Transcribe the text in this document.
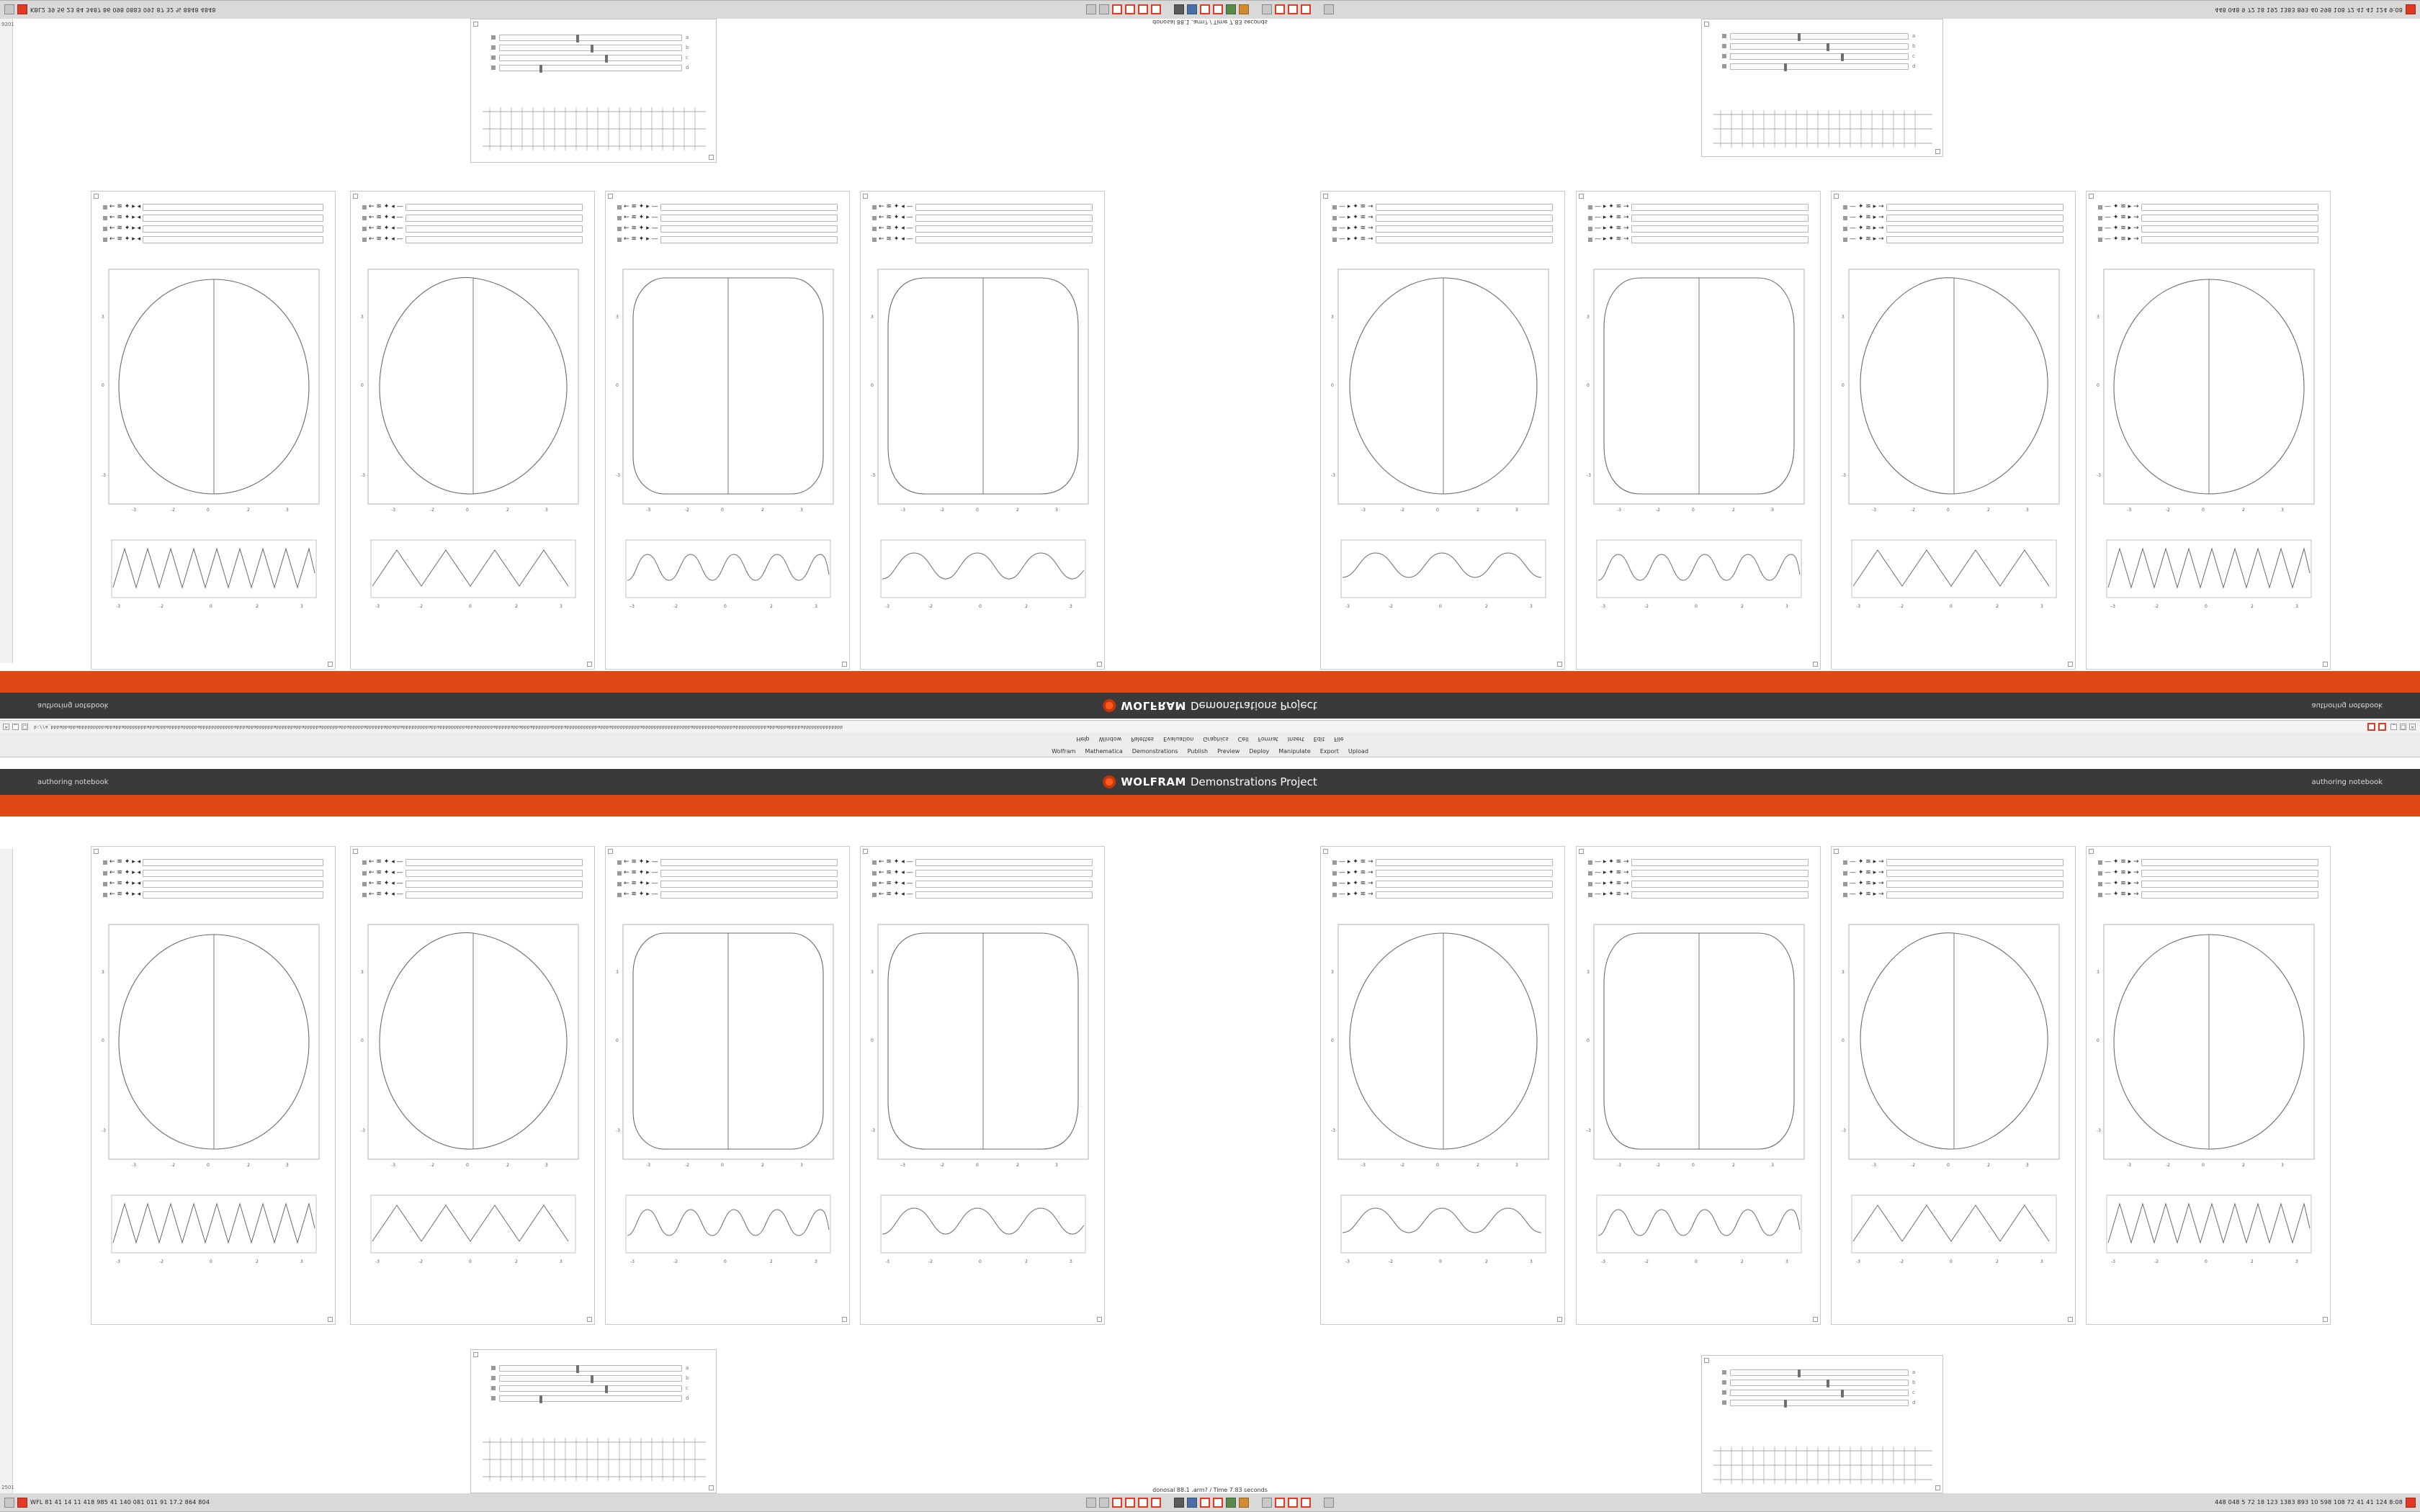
KBL2 39 56 23 84 3487 86 098 0883 091 87 32 % 8848 4848	448 048 9 72 18 192 1383 893 40 598 108 72 41 41 124 9:08
donosal 88.1 .arm? / Time 7.83 seconds
9201
2501
a
b
c
d
a
b
c
d
← ≋ ✦ ▸ ◂
← ≋ ✦ ▸ ◂
← ≋ ✦ ▸ ◂
← ≋ ✦ ▸ ◂
-3	-2	0	2	3
3
0
-3
-3	-2	0	2	3
← ≋ ✦ ◂ —
← ≋ ✦ ◂ —
← ≋ ✦ ◂ —
← ≋ ✦ ◂ —
-3	-2	0	2	3
3
0
-3
-3	-2	0	2	3
← ≋ ✦ ▸ —
← ≋ ✦ ▸ —
← ≋ ✦ ▸ —
← ≋ ✦ ▸ —
-3	-2	0	2	3
3
0
-3
-3	-2	0	2	3
← ≋ ✦ ◂ —
← ≋ ✦ ◂ —
← ≋ ✦ ◂ —
← ≋ ✦ ◂ —
-3	-2	0	2	3
3
0
-3
-3	-2	0	2	3
— ▸ ✦ ≋ →
— ▸ ✦ ≋ →
— ▸ ✦ ≋ →
— ▸ ✦ ≋ →
-3	-2	0	2	3
3
0
-3
-3	-2	0	2	3
— ▸ ✦ ≋ →
— ▸ ✦ ≋ →
— ▸ ✦ ≋ →
— ▸ ✦ ≋ →
-3	-2	0	2	3
3
0
-3
-3	-2	0	2	3
— ✦ ≋ ▸ →
— ✦ ≋ ▸ →
— ✦ ≋ ▸ →
— ✦ ≋ ▸ →
-3	-2	0	2	3
3
0
-3
-3	-2	0	2	3
— ✦ ≋ ▸ →
— ✦ ≋ ▸ →
— ✦ ≋ ▸ →
— ✦ ≋ ▸ →
-3	-2	0	2	3
3
0
-3
-3	-2	0	2	3
authoring notebook	WOLFRAM Demonstrations Project	authoring notebook
×	_	□ b://a_bbbabbabbabbbbbbbbbabbabbabbbbbbbbabbabbbabbbbabbbbbabbbbbbbbbbbbabbbabbabbbbbbabbbbbbabbabbbbbabbbbbbabbabbbbbabbbbbbabbabbabbbbbbbbbabbabbbbbbbbbabbabbbbbbabbbbbabbabbbabbbbbbabbbbabbbbbbbbbbbabbbabbbbbbbbbbabbbbbbbbbbbbbbbbbabbbbbbbbabbbbbabbbbbbbbbbbabbabbbabbbbabbbbbbbbbbbbbb	_	□ ×
Help Window Palettes Evaluation Graphics Cell Format Insert Edit File
Wolfram Mathematica Demonstrations Publish Preview Deploy Manipulate Export Upload
authoring notebook	WOLFRAM Demonstrations Project	authoring notebook
← ≋ ✦ ▸ ◂
← ≋ ✦ ▸ ◂
← ≋ ✦ ▸ ◂
← ≋ ✦ ▸ ◂
-3	-2	0	2	3
3
0
-3
-3	-2	0	2	3
← ≋ ✦ ◂ —
← ≋ ✦ ◂ —
← ≋ ✦ ◂ —
← ≋ ✦ ◂ —
-3	-2	0	2	3
3
0
-3
-3	-2	0	2	3
← ≋ ✦ ▸ —
← ≋ ✦ ▸ —
← ≋ ✦ ▸ —
← ≋ ✦ ▸ —
-3	-2	0	2	3
3
0
-3
-3	-2	0	2	3
← ≋ ✦ ◂ —
← ≋ ✦ ◂ —
← ≋ ✦ ◂ —
← ≋ ✦ ◂ —
-3	-2	0	2	3
3
0
-3
-3	-2	0	2	3
— ▸ ✦ ≋ →
— ▸ ✦ ≋ →
— ▸ ✦ ≋ →
— ▸ ✦ ≋ →
-3	-2	0	2	3
3
0
-3
-3	-2	0	2	3
— ▸ ✦ ≋ →
— ▸ ✦ ≋ →
— ▸ ✦ ≋ →
— ▸ ✦ ≋ →
-3	-2	0	2	3
3
0
-3
-3	-2	0	2	3
— ✦ ≋ ▸ →
— ✦ ≋ ▸ →
— ✦ ≋ ▸ →
— ✦ ≋ ▸ →
-3	-2	0	2	3
3
0
-3
-3	-2	0	2	3
— ✦ ≋ ▸ →
— ✦ ≋ ▸ →
— ✦ ≋ ▸ →
— ✦ ≋ ▸ →
-3	-2	0	2	3
3
0
-3
-3	-2	0	2	3
a
b
c
d
a
b
c
d
donosal 88.1 .arm? / Time 7.83 seconds
WFL 81 41 14 11 418 985 41 140 081 011 91 17.2 864 804	448 048 5 72 18 123 1383 893 10 598 108 72 41 41 124 8:08
